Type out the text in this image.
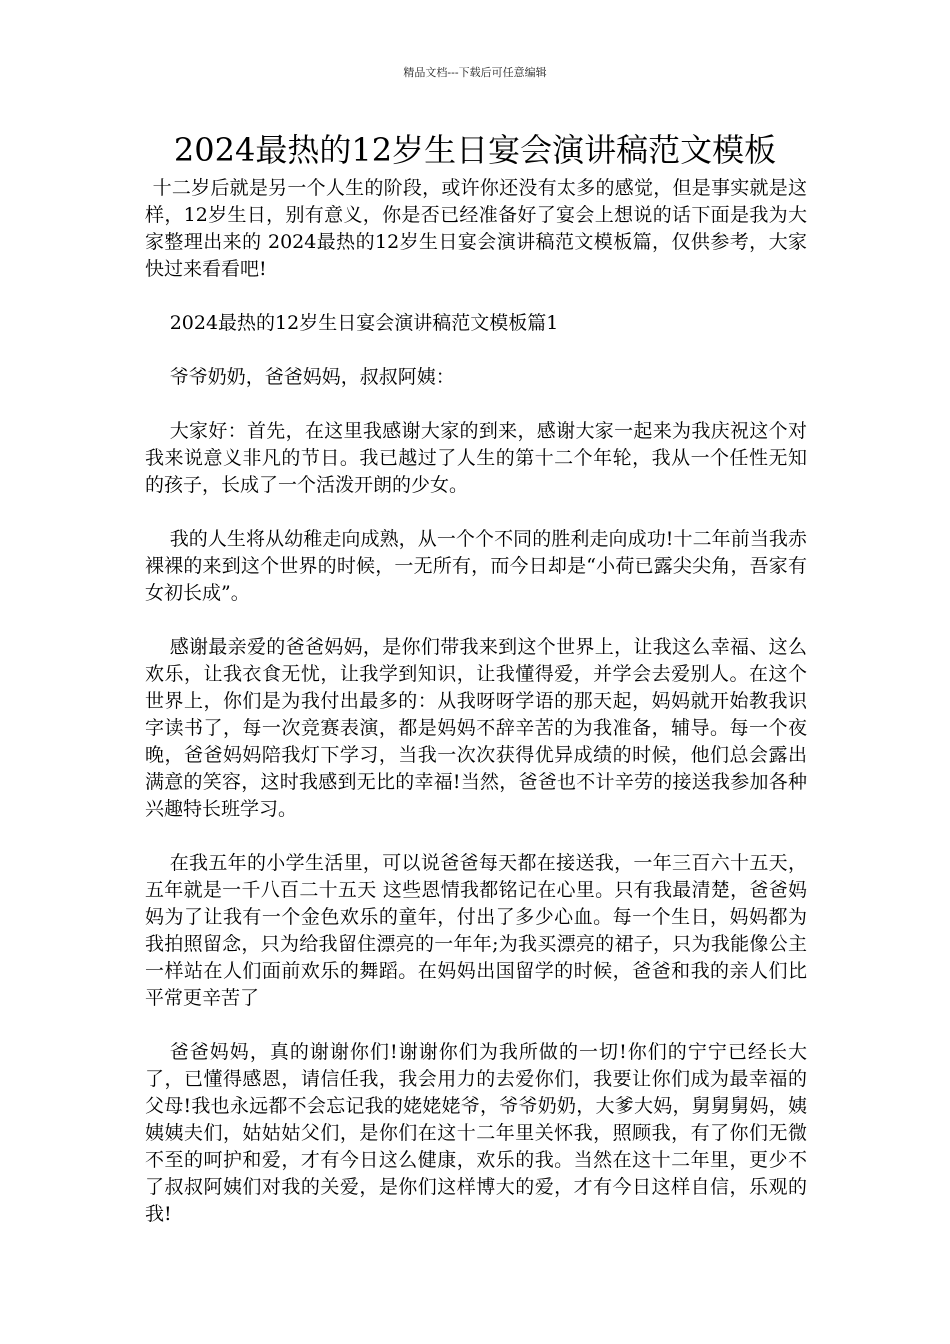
精品文档---下载后可任意编辑
2024最热的12岁生日宴会演讲稿范文模板

十二岁后就是另一个人生的阶段，或许你还没有太多的感觉，但是事实就是这样，12岁生日，别有意义，你是否已经准备好了宴会上想说的话下面是我为大家整理出来的 2024最热的12岁生日宴会演讲稿范文模板篇，仅供参考，大家快过来看看吧!

2024最热的12岁生日宴会演讲稿范文模板篇1

爷爷奶奶，爸爸妈妈，叔叔阿姨：

大家好：首先，在这里我感谢大家的到来，感谢大家一起来为我庆祝这个对我来说意义非凡的节日。我已越过了人生的第十二个年轮，我从一个任性无知的孩子，长成了一个活泼开朗的少女。

我的人生将从幼稚走向成熟，从一个个不同的胜利走向成功!十二年前当我赤裸裸的来到这个世界的时候，一无所有，而今日却是“小荷已露尖尖角，吾家有女初长成”。

感谢最亲爱的爸爸妈妈，是你们带我来到这个世界上，让我这么幸福、这么欢乐，让我衣食无忧，让我学到知识，让我懂得爱，并学会去爱别人。在这个世界上，你们是为我付出最多的：从我呀呀学语的那天起，妈妈就开始教我识字读书了，每一次竞赛表演，都是妈妈不辞辛苦的为我准备，辅导。每一个夜晚，爸爸妈妈陪我灯下学习，当我一次次获得优异成绩的时候，他们总会露出满意的笑容，这时我感到无比的幸福!当然，爸爸也不计辛劳的接送我参加各种兴趣特长班学习。

在我五年的小学生活里，可以说爸爸每天都在接送我，一年三百六十五天，五年就是一千八百二十五天 这些恩情我都铭记在心里。只有我最清楚，爸爸妈妈为了让我有一个金色欢乐的童年，付出了多少心血。每一个生日，妈妈都为我拍照留念，只为给我留住漂亮的一年年;为我买漂亮的裙子，只为我能像公主一样站在人们面前欢乐的舞蹈。在妈妈出国留学的时候，爸爸和我的亲人们比平常更辛苦了

爸爸妈妈，真的谢谢你们!谢谢你们为我所做的一切!你们的宁宁已经长大了，已懂得感恩，请信任我，我会用力的去爱你们，我要让你们成为最幸福的父母!我也永远都不会忘记我的姥姥姥爷，爷爷奶奶，大爹大妈，舅舅舅妈，姨姨姨夫们，姑姑姑父们，是你们在这十二年里关怀我，照顾我，有了你们无微不至的呵护和爱，才有今日这么健康，欢乐的我。当然在这十二年里，更少不了叔叔阿姨们对我的关爱，是你们这样博大的爱，才有今日这样自信，乐观的我!
